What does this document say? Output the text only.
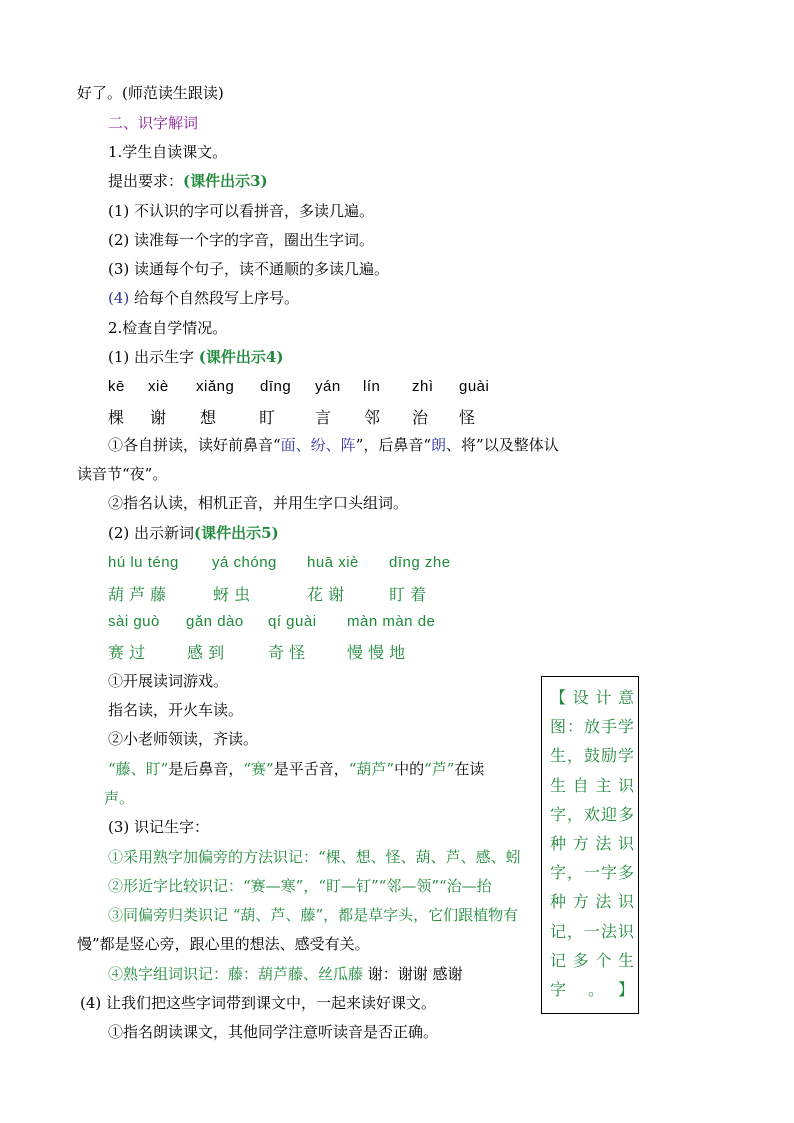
好了。(师范读生跟读)
二、识字解词
1.学生自读课文。
提出要求：(课件出示3)
(1) 不认识的字可以看拼音，多读几遍。
(2) 读准每一个字的字音，圈出生字词。
(3) 读通每个句子，读不通顺的多读几遍。
(4) 给每个自然段写上序号。
2.检查自学情况。
(1) 出示生字 (课件出示4)
kē xiè xiǎng dīng yán lín zhì guài
棵 谢 想	盯 言 邻 治 怪
①各自拼读，读好前鼻音“面、纷、阵”，后鼻音“朗、将”以及整体认
读音节“夜”。
②指名认读，相机正音，并用生字口头组词。
(2) 出示新词(课件出示5)
hú lu téng yá chóng huā xiè dīng zhe
葫 芦 藤	蚜 虫	花 谢	盯 着
sài guò gǎn dào qí guài màn màn de
赛 过	感 到	奇 怪	慢 慢 地
①开展读词游戏。
指名读，开火车读。
②小老师领读，齐读。
“藤、盯”是后鼻音，“赛”是平舌音，“葫芦”中的“芦”在读
声。
(3) 识记生字：
①采用熟字加偏旁的方法识记：“棵、想、怪、葫、芦、感、蚓
②形近字比较识记：“赛—寒”，“盯—钉”“邻—领”“治—抬
③同偏旁归类识记 “葫、芦、藤”，都是草字头，它们跟植物有
慢”都是竖心旁，跟心里的想法、感受有关。
④熟字组词识记：藤：葫芦藤、丝瓜藤 谢：谢谢 感谢
(4) 让我们把这些字词带到课文中，一起来读好课文。
①指名朗读课文，其他同学注意听读音是否正确。
【设计意图：放手学生，鼓励学生自主识字，欢迎多种方法识字，一字多种方法识记，一法识记多个生字。】
